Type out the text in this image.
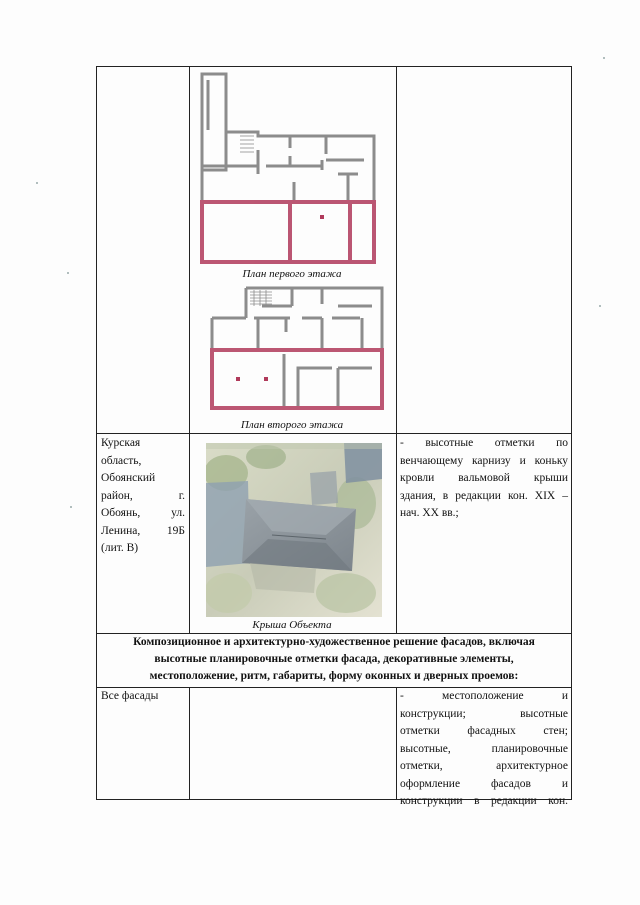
План первого этажа
План второго этажа
Курская
область,
Обоянский
район, г.
Обоянь, ул.
Ленина, 19Б
(лит. В)
Крыша Объекта
- высотные отметки по
венчающему карнизу и коньку
кровли вальмовой крыши
здания, в редакции кон. XIX –
нач. XX вв.;
Композиционное и архитектурно-художественное решение фасадов, включая
высотные планировочные отметки фасада, декоративные элементы,
местоположение, ритм, габариты, форму оконных и дверных проемов:
Все фасады	- местоположение и
конструкции; высотные
отметки фасадных стен;
высотные, планировочные
отметки, архитектурное
оформление фасадов и
конструкции в редакции кон.
